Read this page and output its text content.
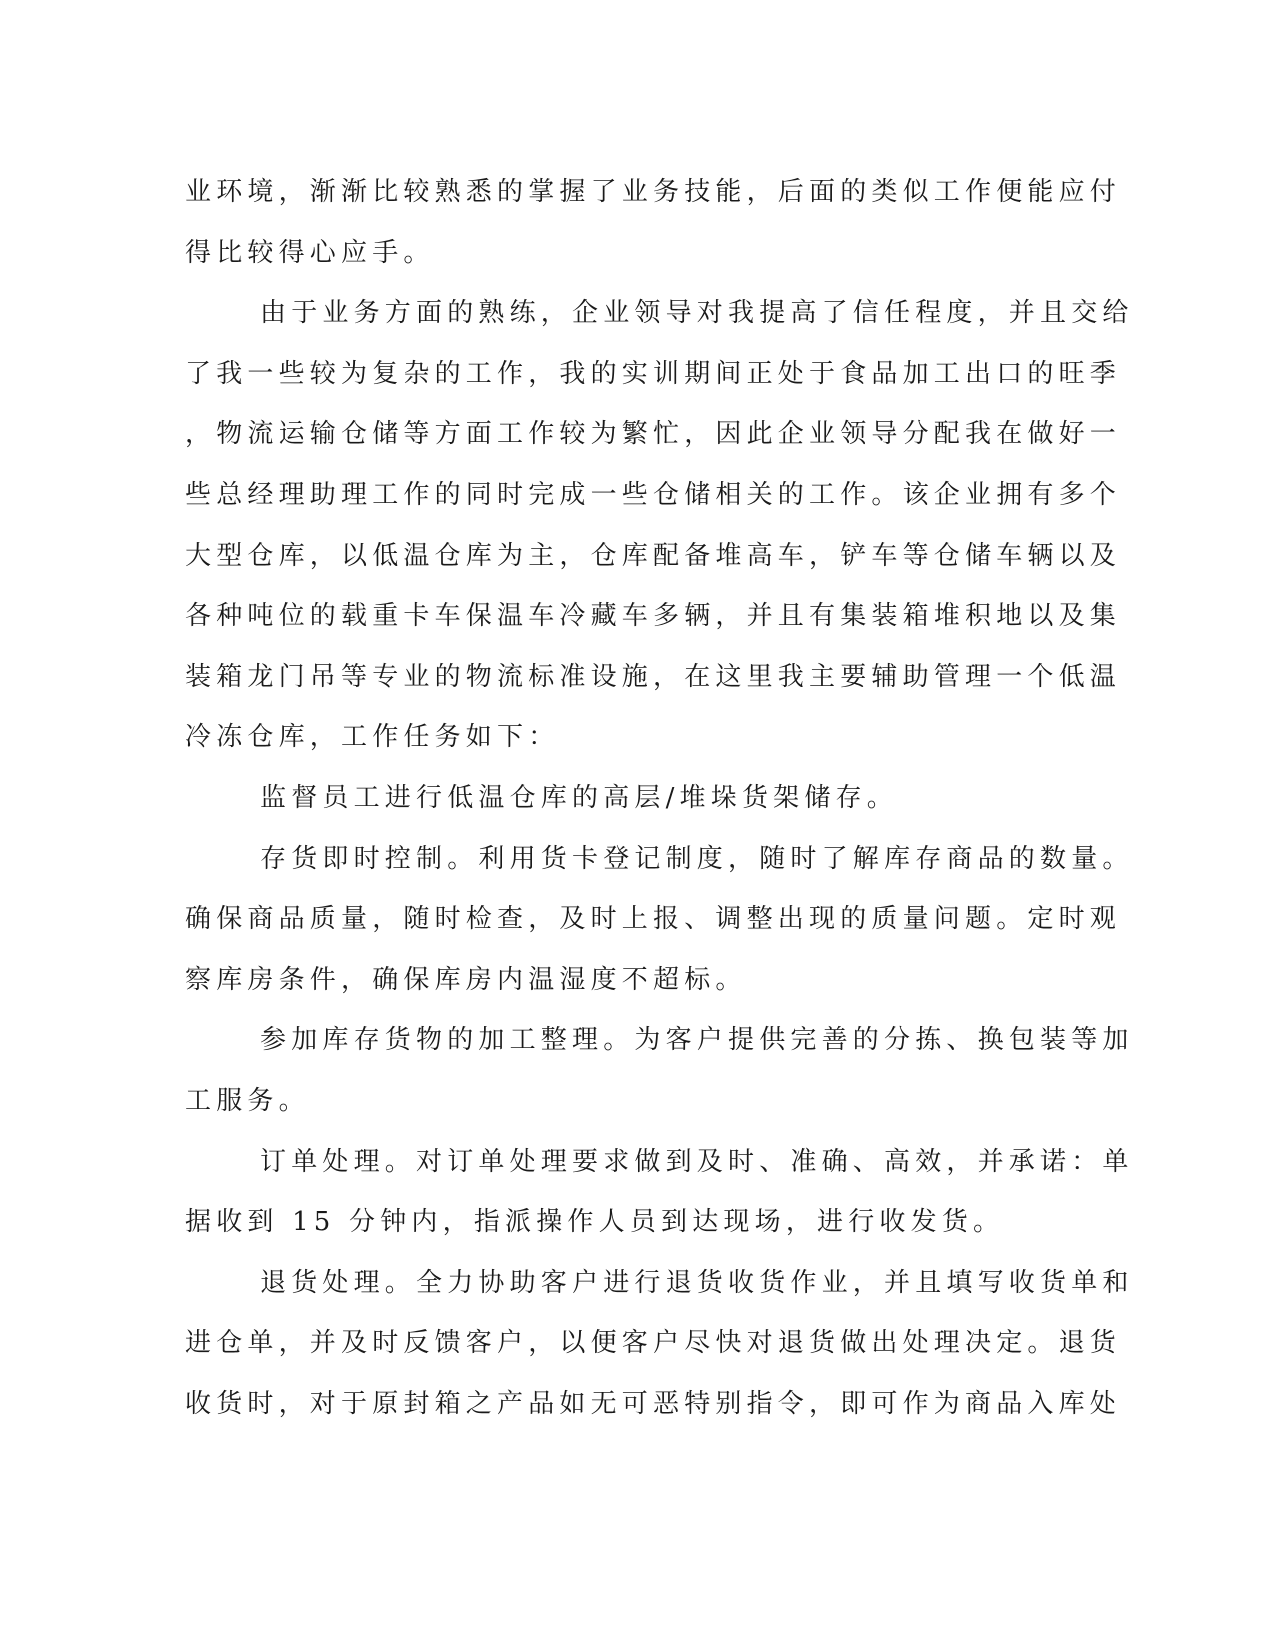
业环境，渐渐比较熟悉的掌握了业务技能，后面的类似工作便能应付

得比较得心应手。

由于业务方面的熟练，企业领导对我提高了信任程度，并且交给

了我一些较为复杂的工作，我的实训期间正处于食品加工出口的旺季

，物流运输仓储等方面工作较为繁忙，因此企业领导分配我在做好一

些总经理助理工作的同时完成一些仓储相关的工作。该企业拥有多个

大型仓库，以低温仓库为主，仓库配备堆高车，铲车等仓储车辆以及

各种吨位的载重卡车保温车冷藏车多辆，并且有集装箱堆积地以及集

装箱龙门吊等专业的物流标准设施，在这里我主要辅助管理一个低温

冷冻仓库，工作任务如下：

监督员工进行低温仓库的高层/堆垛货架储存。

存货即时控制。利用货卡登记制度，随时了解库存商品的数量。

确保商品质量，随时检查，及时上报、调整出现的质量问题。定时观

察库房条件，确保库房内温湿度不超标。

参加库存货物的加工整理。为客户提供完善的分拣、换包装等加

工服务。

订单处理。对订单处理要求做到及时、准确、高效，并承诺：单

据收到 15 分钟内，指派操作人员到达现场，进行收发货。

退货处理。全力协助客户进行退货收货作业，并且填写收货单和

进仓单，并及时反馈客户，以便客户尽快对退货做出处理决定。退货

收货时，对于原封箱之产品如无可恶特别指令，即可作为商品入库处
